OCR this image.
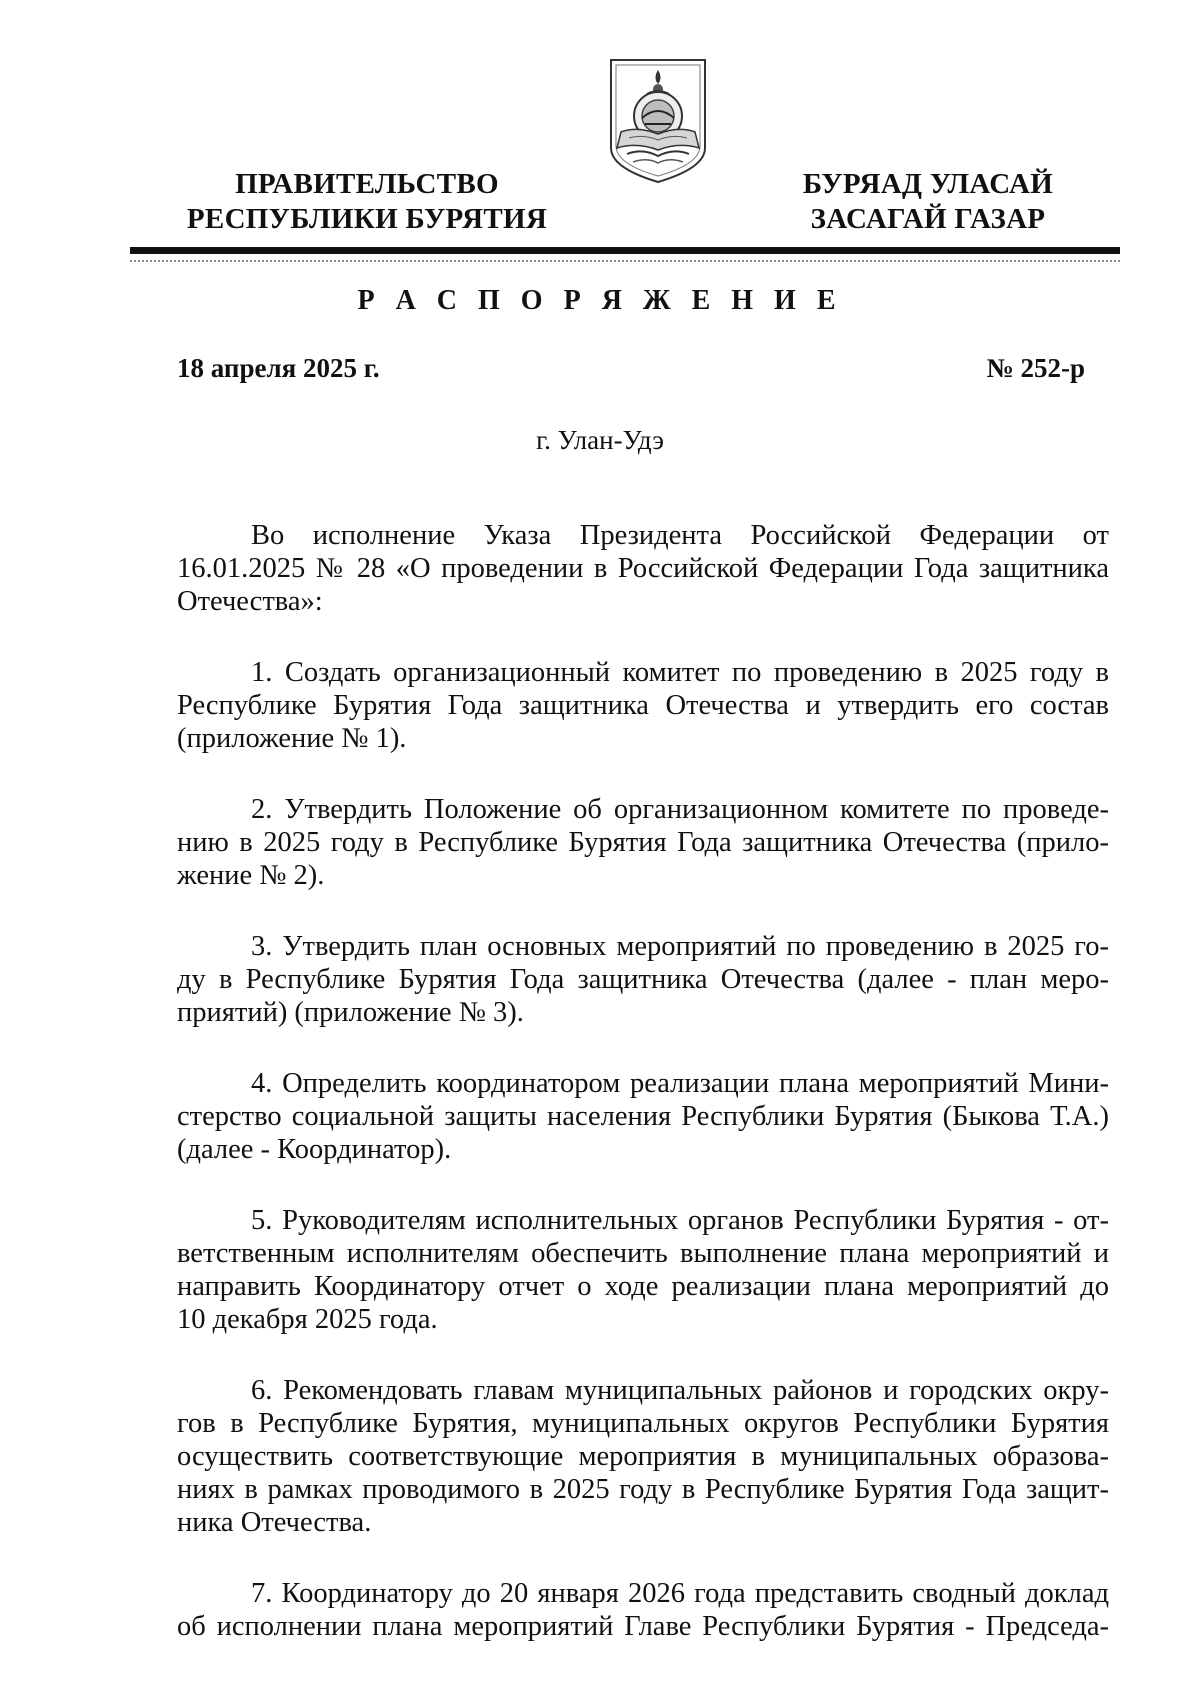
ПРАВИТЕЛЬСТВО
РЕСПУБЛИКИ БУРЯТИЯ
БУРЯАД УЛАСАЙ
ЗАСАГАЙ ГАЗАР
Р А С П О Р Я Ж Е Н И Е
18 апреля 2025 г.	№ 252-р
г. Улан-Удэ
Во исполнение Указа Президента Российской Федерации от
16.01.2025 № 28 «О проведении в Российской Федерации Года защитника
Отечества»:
1. Создать организационный комитет по проведению в 2025 году в
Республике Бурятия Года защитника Отечества и утвердить его состав
(приложение № 1).
2. Утвердить Положение об организационном комитете по проведе-
нию в 2025 году в Республике Бурятия Года защитника Отечества (прило-
жение № 2).
3. Утвердить план основных мероприятий по проведению в 2025 го-
ду в Республике Бурятия Года защитника Отечества (далее - план меро-
приятий) (приложение № 3).
4. Определить координатором реализации плана мероприятий Мини-
стерство социальной защиты населения Республики Бурятия (Быкова Т.А.)
(далее - Координатор).
5. Руководителям исполнительных органов Республики Бурятия - от-
ветственным исполнителям обеспечить выполнение плана мероприятий и
направить Координатору отчет о ходе реализации плана мероприятий до
10 декабря 2025 года.
6. Рекомендовать главам муниципальных районов и городских окру-
гов в Республике Бурятия, муниципальных округов Республики Бурятия
осуществить соответствующие мероприятия в муниципальных образова-
ниях в рамках проводимого в 2025 году в Республике Бурятия Года защит-
ника Отечества.
7. Координатору до 20 января 2026 года представить сводный доклад
об исполнении плана мероприятий Главе Республики Бурятия - Председа-
